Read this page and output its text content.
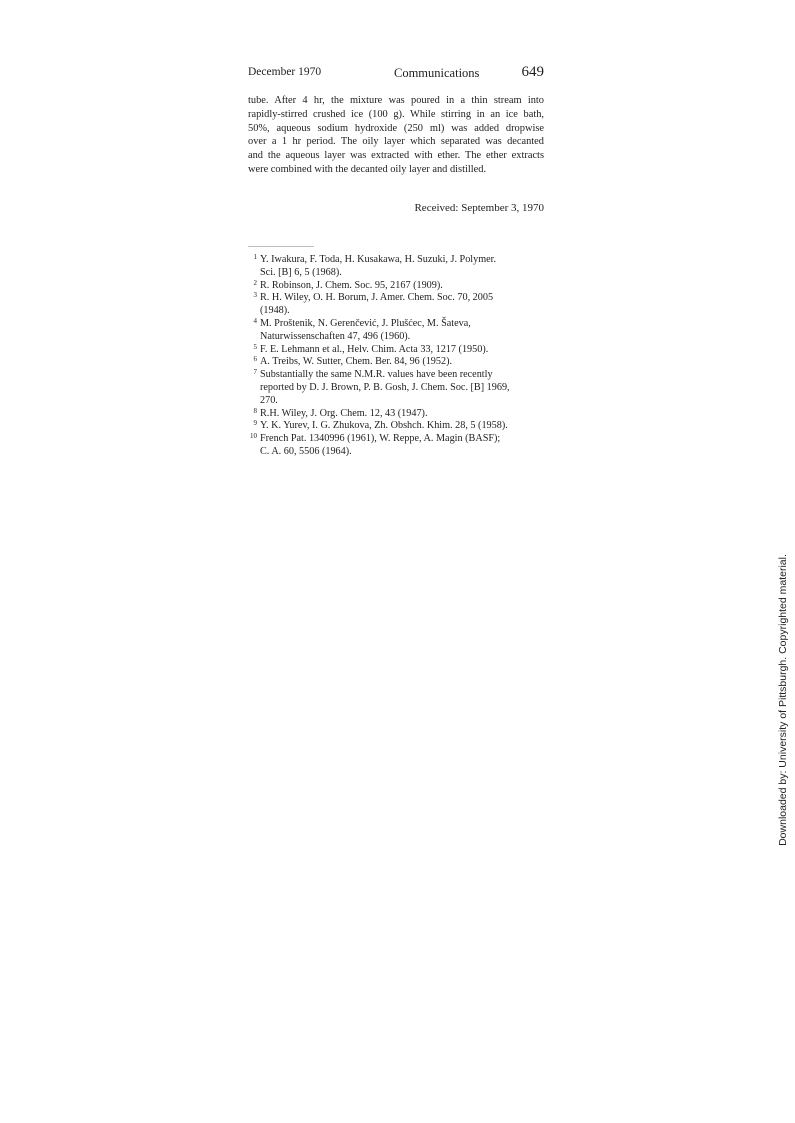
December 1970	Communications	649
tube. After 4 hr, the mixture was poured in a thin stream into
rapidly-stirred crushed ice (100 g). While stirring in an ice bath,
50%, aqueous sodium hydroxide (250 ml) was added dropwise
over a 1 hr period. The oily layer which separated was decanted
and the aqueous layer was extracted with ether. The ether extracts
were combined with the decanted oily layer and distilled.
Received: September 3, 1970
1 Y. Iwakura, F. Toda, H. Kusakawa, H. Suzuki, J. Polymer.
Sci. [B] 6, 5 (1968).
2 R. Robinson, J. Chem. Soc. 95, 2167 (1909).
3 R. H. Wiley, O. H. Borum, J. Amer. Chem. Soc. 70, 2005
(1948).
4 M. Proštenik, N. Gerenčević, J. Plušćec, M. Šateva,
Naturwissenschaften 47, 496 (1960).
5 F. E. Lehmann et al., Helv. Chim. Acta 33, 1217 (1950).
6 A. Treibs, W. Sutter, Chem. Ber. 84, 96 (1952).
7 Substantially the same N.M.R. values have been recently
reported by D. J. Brown, P. B. Gosh, J. Chem. Soc. [B] 1969,
270.
8 R.H. Wiley, J. Org. Chem. 12, 43 (1947).
9 Y. K. Yurev, I. G. Zhukova, Zh. Obshch. Khim. 28, 5 (1958).
10 French Pat. 1340996 (1961), W. Reppe, A. Magin (BASF);
C. A. 60, 5506 (1964).
Downloaded by: University of Pittsburgh. Copyrighted material.
